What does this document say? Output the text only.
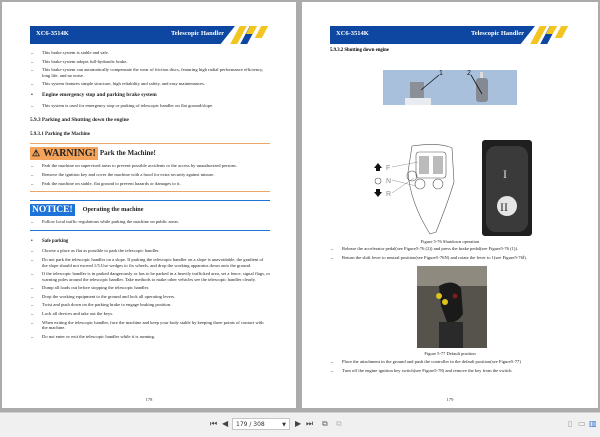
XC6-3514K	Telescopic Handler
– This brake system is stable and safe.
– This brake system adopts full-hydraulic brake.
– This brake system can automatically compensate the wear of friction discs, featuring high radial performance efficiency, long life, and no noise.
– This system features simple structure, high reliability and safety, and easy maintenances.
• Engine emergency stop and parking brake system
– This system is used for emergency stop or parking of telescopic handler on flat ground/slope.
5.9.3 Parking and Shutting down the engine
5.9.3.1 Parking the Machine
⚠ WARNING! Park the Machine!
– Park the machine on supervised areas to prevent possible accidents or the access by unauthorized persons.
– Remove the ignition key and cover the machine with a hood for extra security against misuse.
– Park the machine on stable, flat ground to prevent hazards or damages to it.
NOTICE!	Operating the machine
– Follow local traffic regulations while parking the machine on public areas.
• Safe parking
– Choose a place as flat as possible to park the telescopic handler.
– Do not park the telescopic handler on a slope. If parking the telescopic handler on a slope is unavoidable, the gradient of the slope should not exceed 1/5.Use wedges to fix wheels, and drop the working apparatus down onto the ground.
– If the telescopic handler is in parked dangerously or has to be parked in a heavily trafficked area, set a fence, signal flags, or warning poles around the telescopic handler. Take methods to make other vehicles see the telescopic handler clearly.
– Dump all loads out before stopping the telescopic handler.
– Drop the working equipment to the ground and lock all operating levers.
– Twist and push down on the parking brake to engage braking position.
– Lock all devices and take out the keys.
– When exiting the telescopic handler, face the machine and keep your body stable by keeping three points of contact with the machine.
– Do not enter or exit the telescopic handler while it is running.
178
XC6-3514K	Telescopic Handler
5.9.3.2 Shutting down engine
1	2
F
N
R
I
II
Figure 5-76 Shutdown operation
– Release the accelerator pedal(see Figure5-76 (2)) and press the brake pedal(see Figure5-76 (1)).
– Return the shift lever to neutral position(see Figure5-76N) and rotate the lever to 1(see Figure5-76Ⅰ).
Figure 5-77 Default position
– Place the attachment in the ground and push the controller in the default position(see Figure5-77)
– Turn off the engine ignition key switch(see Figure5-78) and remove the key from the switch.
179
⏮ ◀	179 / 308	▼ ▶ ⏭ ⧉ ⧉	▯ ▭ ▥
